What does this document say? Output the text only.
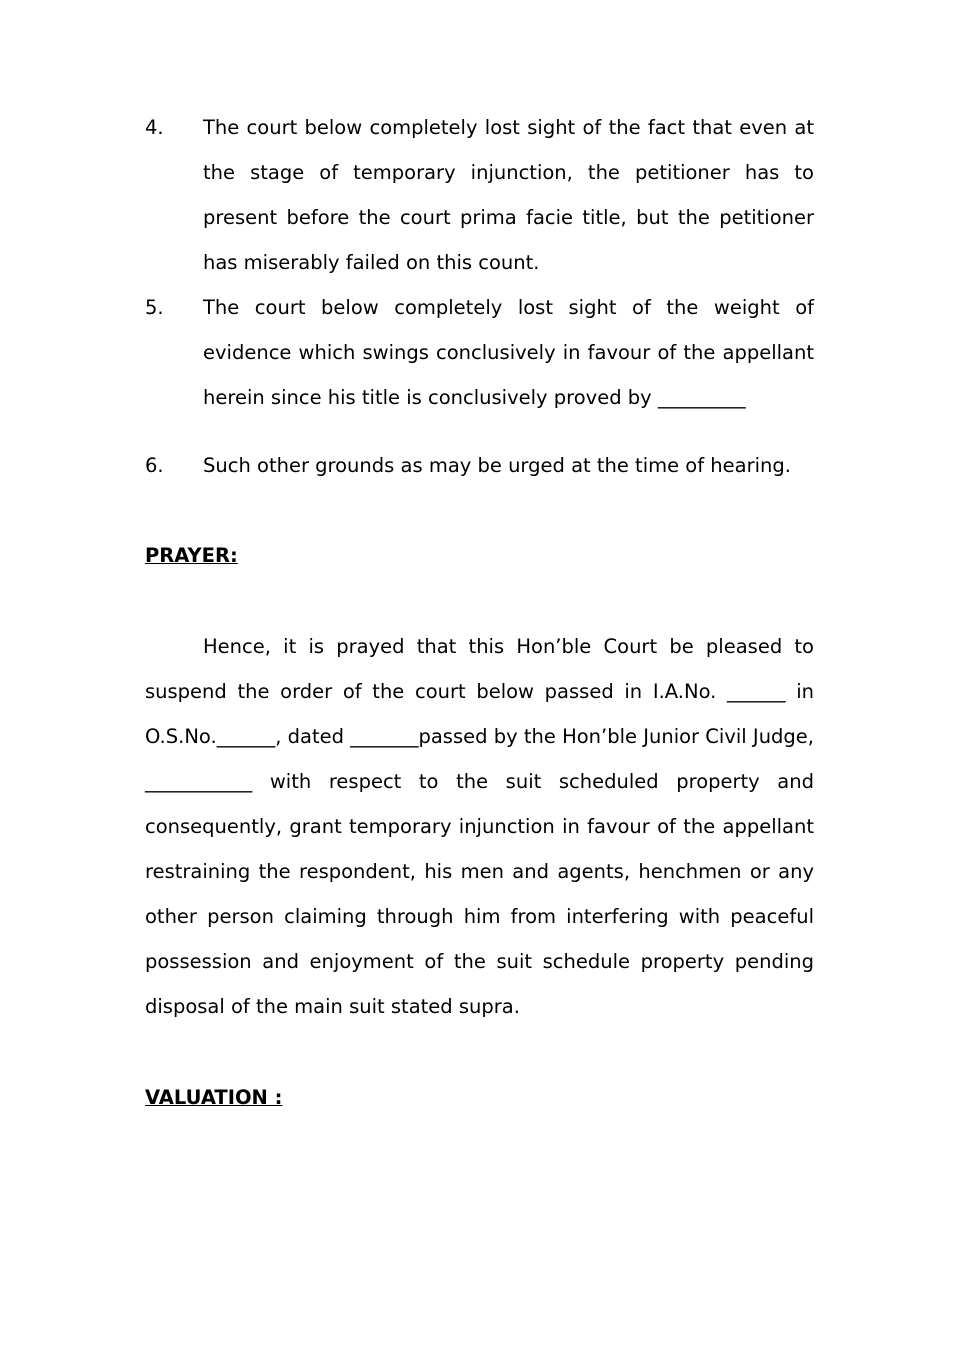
4.	The court below completely lost sight of the fact that even at
the stage of temporary injunction, the petitioner has to
present before the court prima facie title, but the petitioner
has miserably failed on this count.
5.	The court below completely lost sight of the weight of
evidence which swings conclusively in favour of the appellant
herein since his title is conclusively proved by _________
6.	Such other grounds as may be urged at the time of hearing.
PRAYER:
Hence, it is prayed that this Hon’ble Court be pleased to
suspend the order of the court below passed in I.A.No. ______ in
O.S.No.______, dated _______passed by the Hon’ble Junior Civil Judge,
___________ with respect to the suit scheduled property and
consequently, grant temporary injunction in favour of the appellant
restraining the respondent, his men and agents, henchmen or any
other person claiming through him from interfering with peaceful
possession and enjoyment of the suit schedule property pending
disposal of the main suit stated supra.
VALUATION :
